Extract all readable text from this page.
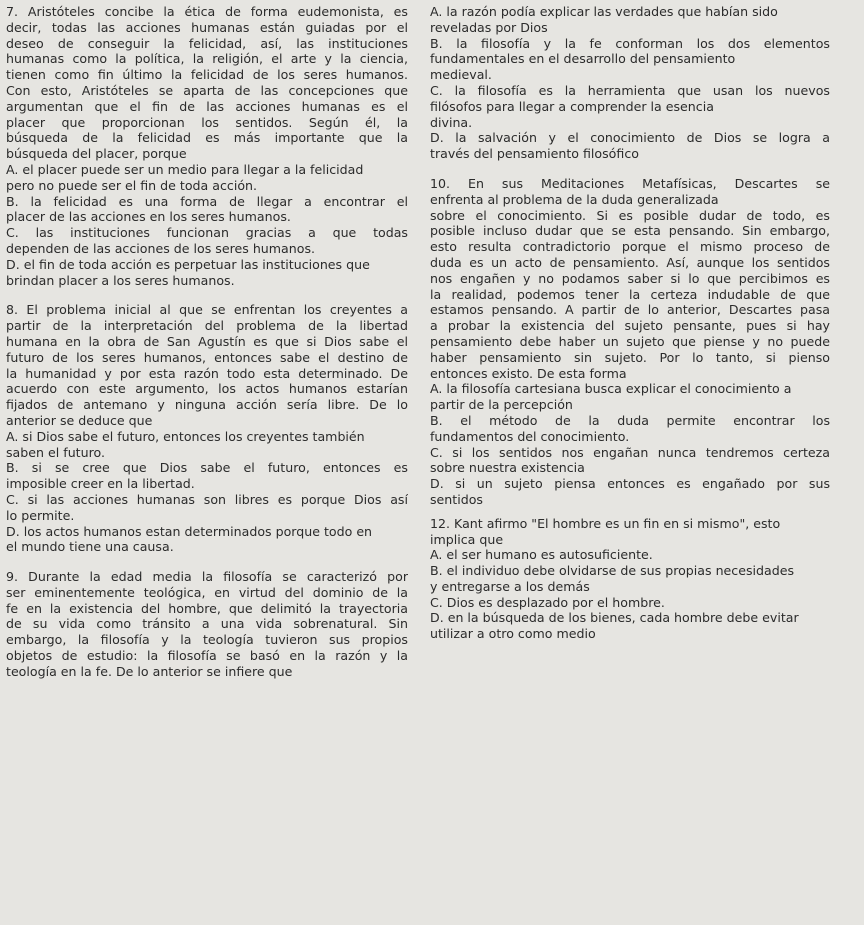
7. Aristóteles concibe la ética de forma eudemonista, es
decir, todas las acciones humanas están guiadas por el
deseo de conseguir la felicidad, así, las instituciones
humanas como la política, la religión, el arte y la ciencia,
tienen como fin último la felicidad de los seres humanos.
Con esto, Aristóteles se aparta de las concepciones que
argumentan que el fin de las acciones humanas es el
placer que proporcionan los sentidos. Según él, la
búsqueda de la felicidad es más importante que la
búsqueda del placer, porque
A. el placer puede ser un medio para llegar a la felicidad
pero no puede ser el fin de toda acción.
B. la felicidad es una forma de llegar a encontrar el
placer de las acciones en los seres humanos.
C. las instituciones funcionan gracias a que todas
dependen de las acciones de los seres humanos.
D. el fin de toda acción es perpetuar las instituciones que
brindan placer a los seres humanos.
8. El problema inicial al que se enfrentan los creyentes a
partir de la interpretación del problema de la libertad
humana en la obra de San Agustín es que si Dios sabe el
futuro de los seres humanos, entonces sabe el destino de
la humanidad y por esta razón todo esta determinado. De
acuerdo con este argumento, los actos humanos estarían
fijados de antemano y ninguna acción sería libre. De lo
anterior se deduce que
A. si Dios sabe el futuro, entonces los creyentes también
saben el futuro.
B. si se cree que Dios sabe el futuro, entonces es
imposible creer en la libertad.
C. si las acciones humanas son libres es porque Dios así
lo permite.
D. los actos humanos estan determinados porque todo en
el mundo tiene una causa.
9. Durante la edad media la filosofía se caracterizó por
ser eminentemente teológica, en virtud del dominio de la
fe en la existencia del hombre, que delimitó la trayectoria
de su vida como tránsito a una vida sobrenatural. Sin
embargo, la filosofía y la teología tuvieron sus propios
objetos de estudio: la filosofía se basó en la razón y la
teología en la fe. De lo anterior se infiere que
A. la razón podía explicar las verdades que habían sido
reveladas por Dios
B. la filosofía y la fe conforman los dos elementos
fundamentales en el desarrollo del pensamiento
medieval.
C. la filosofía es la herramienta que usan los nuevos
filósofos para llegar a comprender la esencia
divina.
D. la salvación y el conocimiento de Dios se logra a
través del pensamiento filosófico
10. En sus Meditaciones Metafísicas, Descartes se
enfrenta al problema de la duda generalizada
sobre el conocimiento. Si es posible dudar de todo, es
posible incluso dudar que se esta pensando. Sin embargo,
esto resulta contradictorio porque el mismo proceso de
duda es un acto de pensamiento. Así, aunque los sentidos
nos engañen y no podamos saber si lo que percibimos es
la realidad, podemos tener la certeza indudable de que
estamos pensando. A partir de lo anterior, Descartes pasa
a probar la existencia del sujeto pensante, pues si hay
pensamiento debe haber un sujeto que piense y no puede
haber pensamiento sin sujeto. Por lo tanto, si pienso
entonces existo. De esta forma
A. la filosofía cartesiana busca explicar el conocimiento a
partir de la percepción
B. el método de la duda permite encontrar los
fundamentos del conocimiento.
C. si los sentidos nos engañan nunca tendremos certeza
sobre nuestra existencia
D. si un sujeto piensa entonces es engañado por sus
sentidos
12. Kant afirmo "El hombre es un fin en si mismo", esto
implica que
A. el ser humano es autosuficiente.
B. el individuo debe olvidarse de sus propias necesidades
y entregarse a los demás
C. Dios es desplazado por el hombre.
D. en la búsqueda de los bienes, cada hombre debe evitar
utilizar a otro como medio
